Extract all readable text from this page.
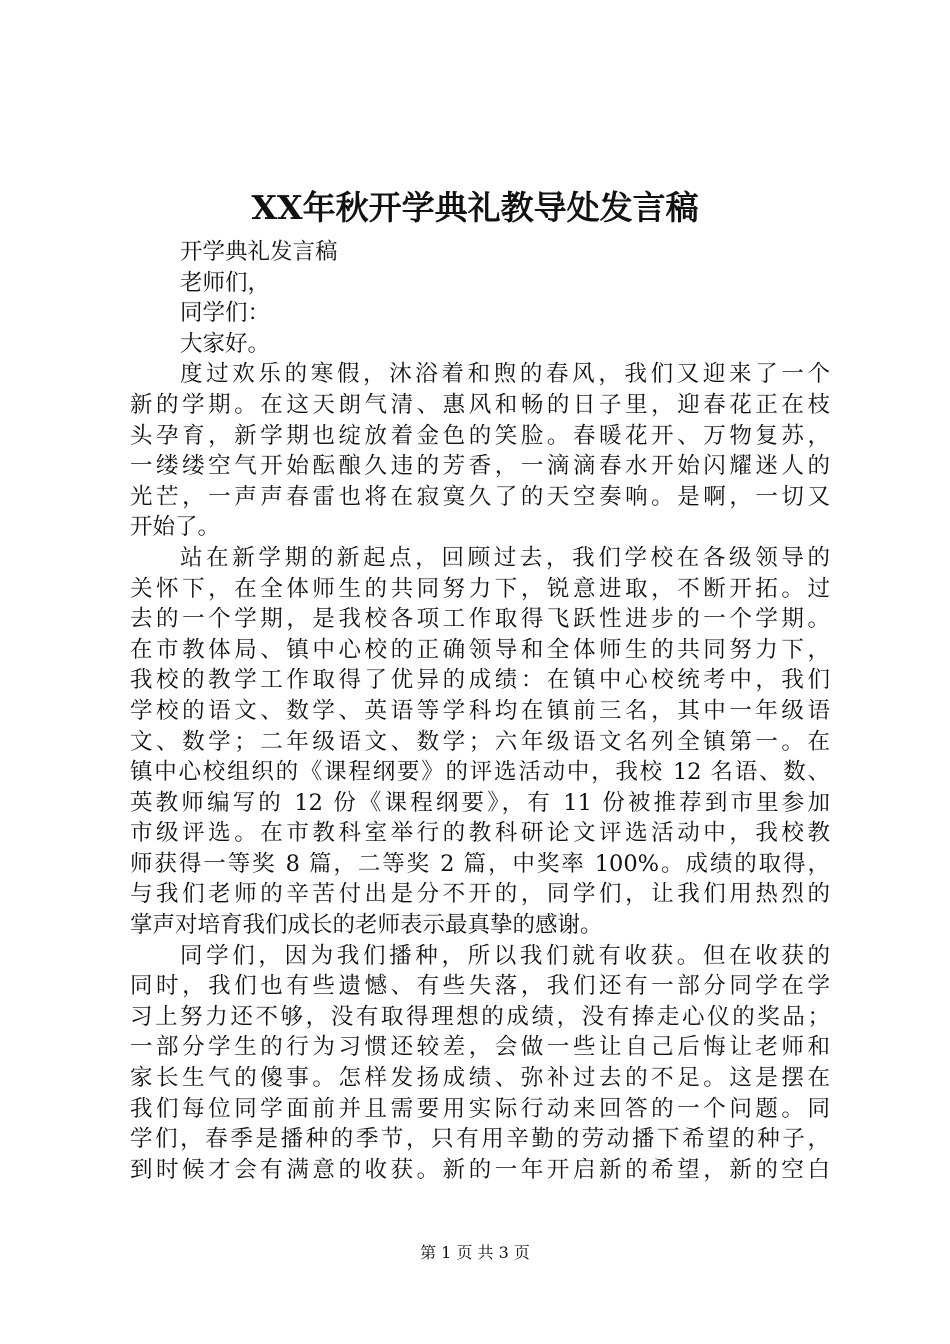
XX年秋开学典礼教导处发言稿
开学典礼发言稿
老师们，
同学们：
大家好。
度过欢乐的寒假，沐浴着和煦的春风，我们又迎来了一个
新的学期。在这天朗气清、惠风和畅的日子里，迎春花正在枝
头孕育，新学期也绽放着金色的笑脸。春暖花开、万物复苏，
一缕缕空气开始酝酿久违的芳香，一滴滴春水开始闪耀迷人的
光芒，一声声春雷也将在寂寞久了的天空奏响。是啊，一切又
开始了。
站在新学期的新起点，回顾过去，我们学校在各级领导的
关怀下，在全体师生的共同努力下，锐意进取，不断开拓。过
去的一个学期，是我校各项工作取得飞跃性进步的一个学期。
在市教体局、镇中心校的正确领导和全体师生的共同努力下，
我校的教学工作取得了优异的成绩：在镇中心校统考中，我们
学校的语文、数学、英语等学科均在镇前三名，其中一年级语
文、数学；二年级语文、数学；六年级语文名列全镇第一。在
镇中心校组织的《课程纲要》的评选活动中，我校 12 名语、数、
英教师编写的 12 份《课程纲要》，有 11 份被推荐到市里参加
市级评选。在市教科室举行的教科研论文评选活动中，我校教
师获得一等奖 8 篇，二等奖 2 篇，中奖率 100%。成绩的取得，
与我们老师的辛苦付出是分不开的，同学们，让我们用热烈的
掌声对培育我们成长的老师表示最真挚的感谢。
同学们，因为我们播种，所以我们就有收获。但在收获的
同时，我们也有些遗憾、有些失落，我们还有一部分同学在学
习上努力还不够，没有取得理想的成绩，没有捧走心仪的奖品；
一部分学生的行为习惯还较差，会做一些让自己后悔让老师和
家长生气的傻事。怎样发扬成绩、弥补过去的不足。这是摆在
我们每位同学面前并且需要用实际行动来回答的一个问题。同
学们，春季是播种的季节，只有用辛勤的劳动播下希望的种子，
到时候才会有满意的收获。新的一年开启新的希望，新的空白
第 1 页 共 3 页
